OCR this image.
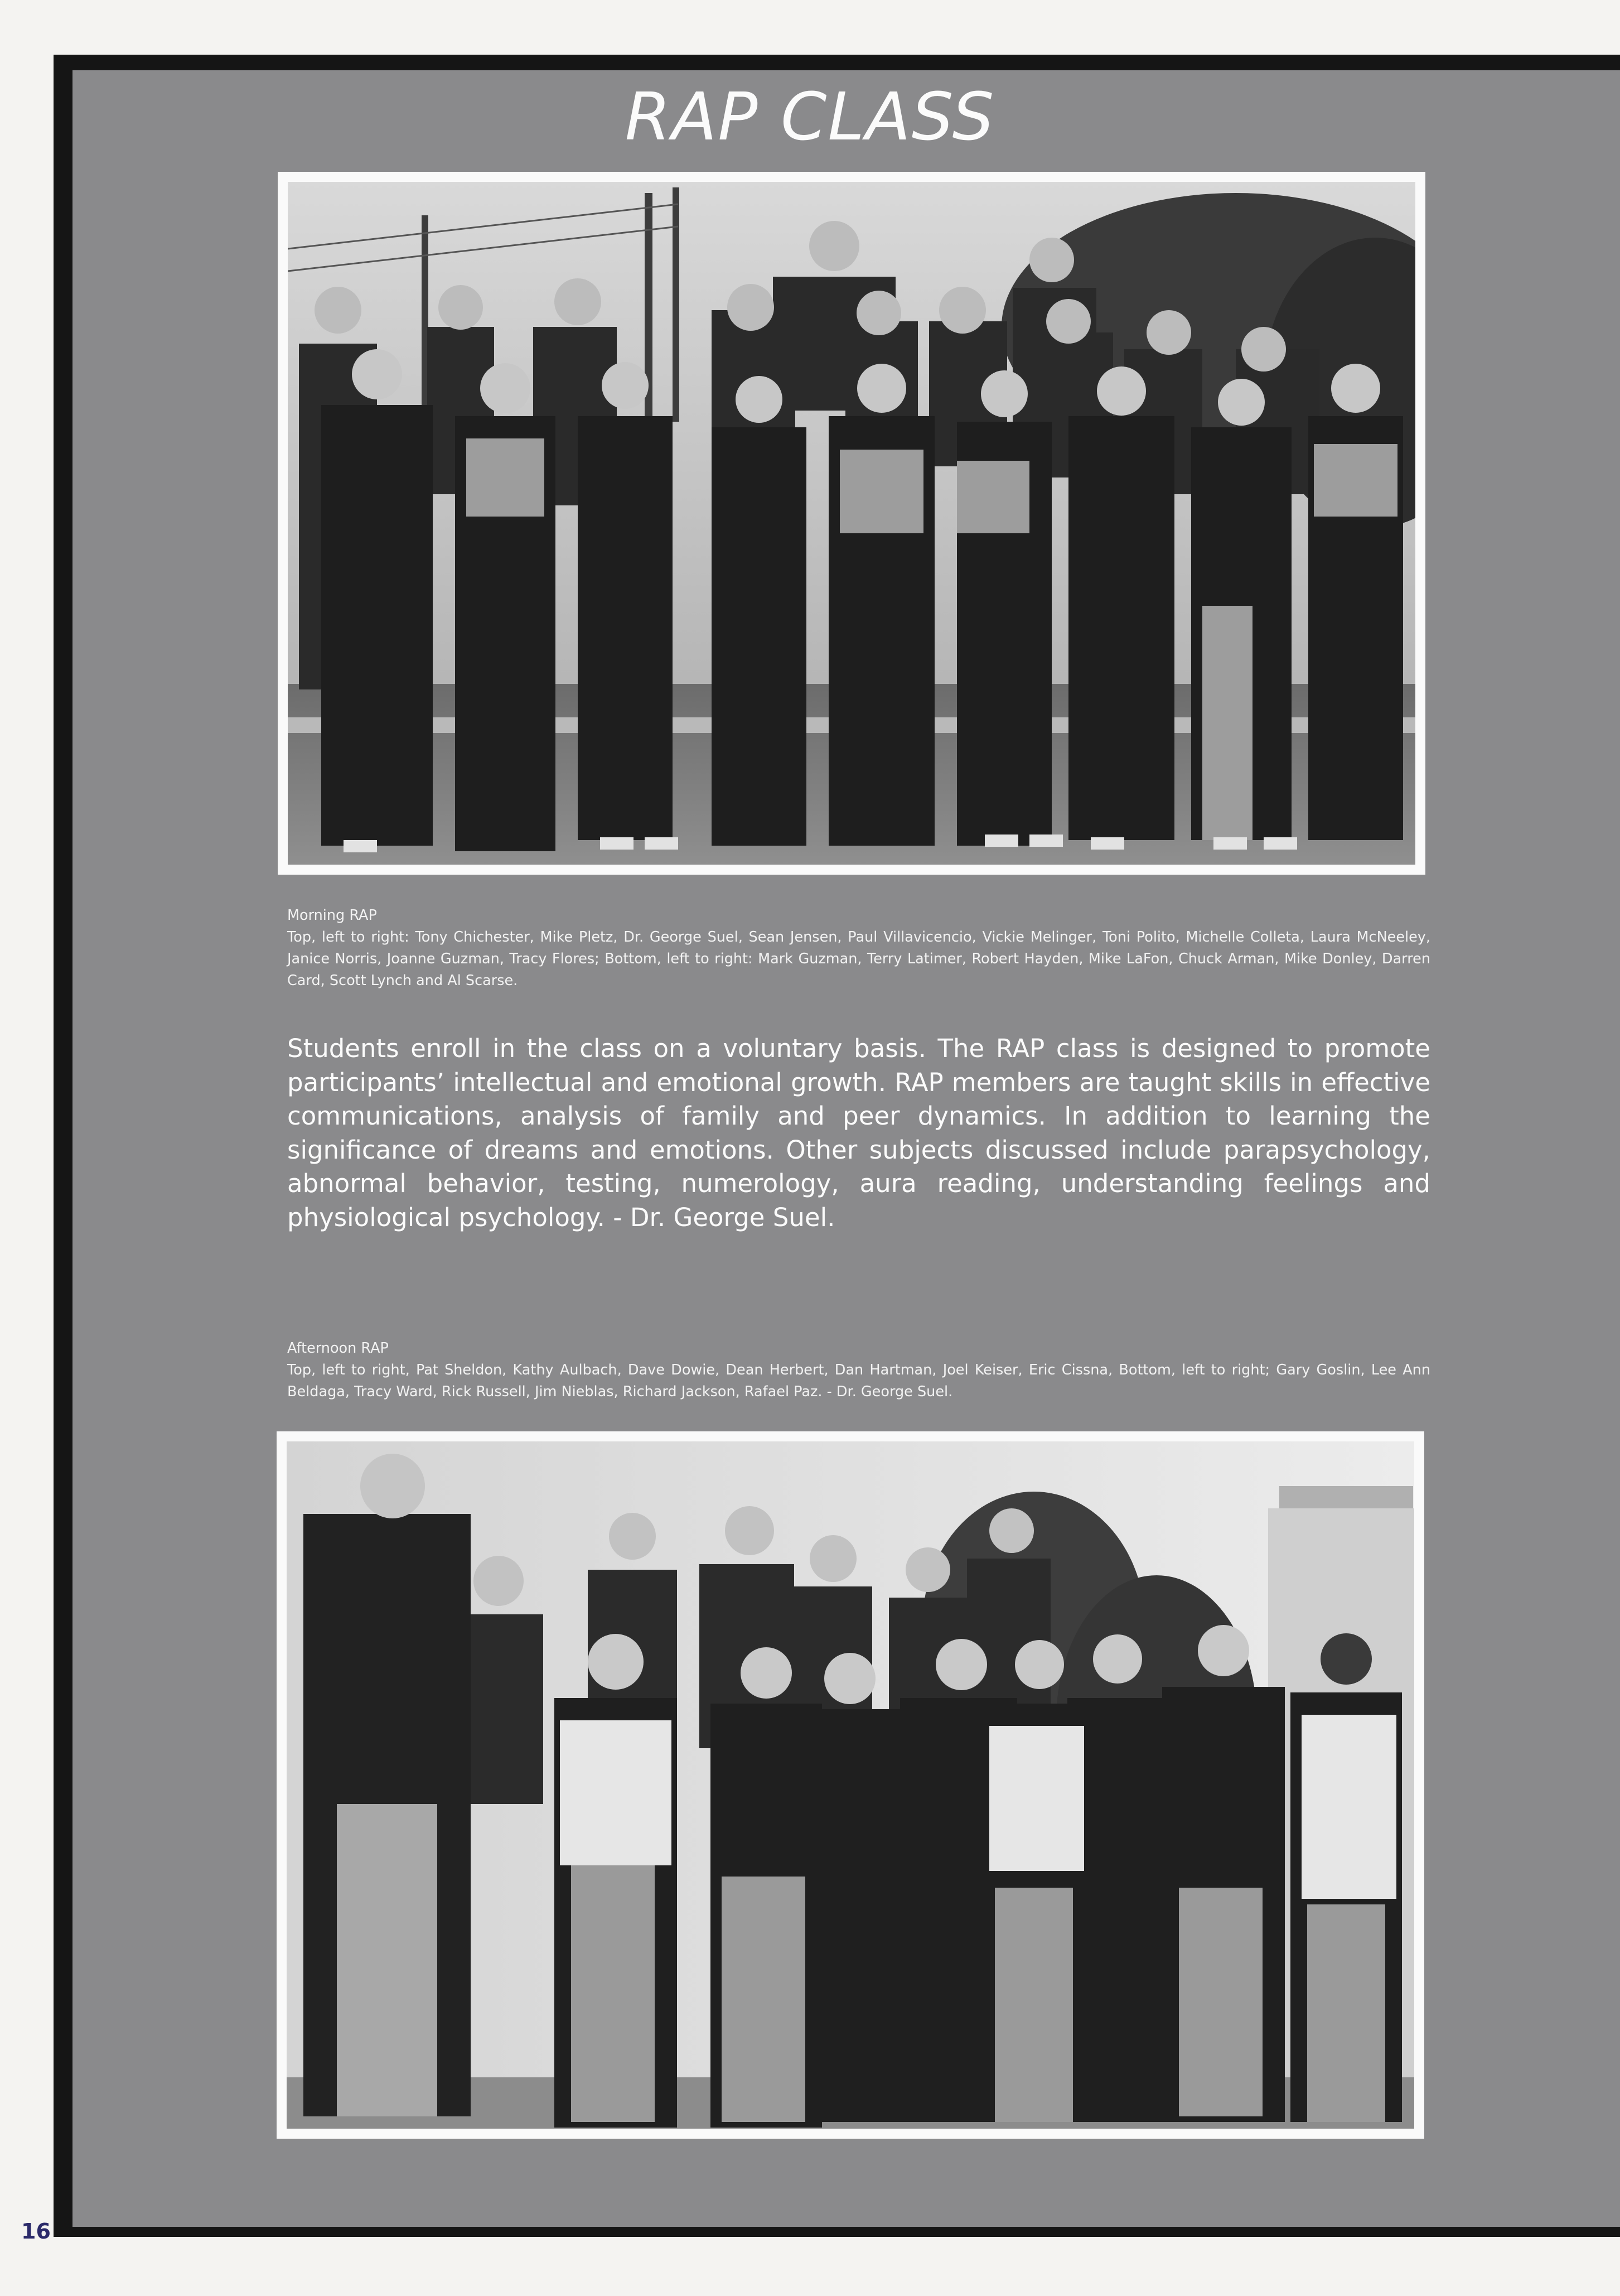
RAP CLASS
Morning RAP
Top, left to right: Tony Chichester, Mike Pletz, Dr. George Suel, Sean Jensen, Paul Villavicencio, Vickie Melinger, Toni Polito, Michelle Colleta, Laura McNeeley, Janice Norris, Joanne Guzman, Tracy Flores; Bottom, left to right: Mark Guzman, Terry Latimer, Robert Hayden, Mike LaFon, Chuck Arman, Mike Donley, Darren Card, Scott Lynch and Al Scarse.

Students enroll in the class on a voluntary basis. The RAP class is designed to promote participants’ intellectual and emotional growth. RAP members are taught skills in effective communications, analysis of family and peer dynamics. In addition to learning the significance of dreams and emotions. Other subjects discussed include parapsychology, abnormal behavior, testing, numerology, aura reading, understanding feelings and physiological psychology. - Dr. George Suel.

Afternoon RAP
Top, left to right, Pat Sheldon, Kathy Aulbach, Dave Dowie, Dean Herbert, Dan Hartman, Joel Keiser, Eric Cissna, Bottom, left to right; Gary Goslin, Lee Ann Beldaga, Tracy Ward, Rick Russell, Jim Nieblas, Richard Jackson, Rafael Paz. - Dr. George Suel.
16
